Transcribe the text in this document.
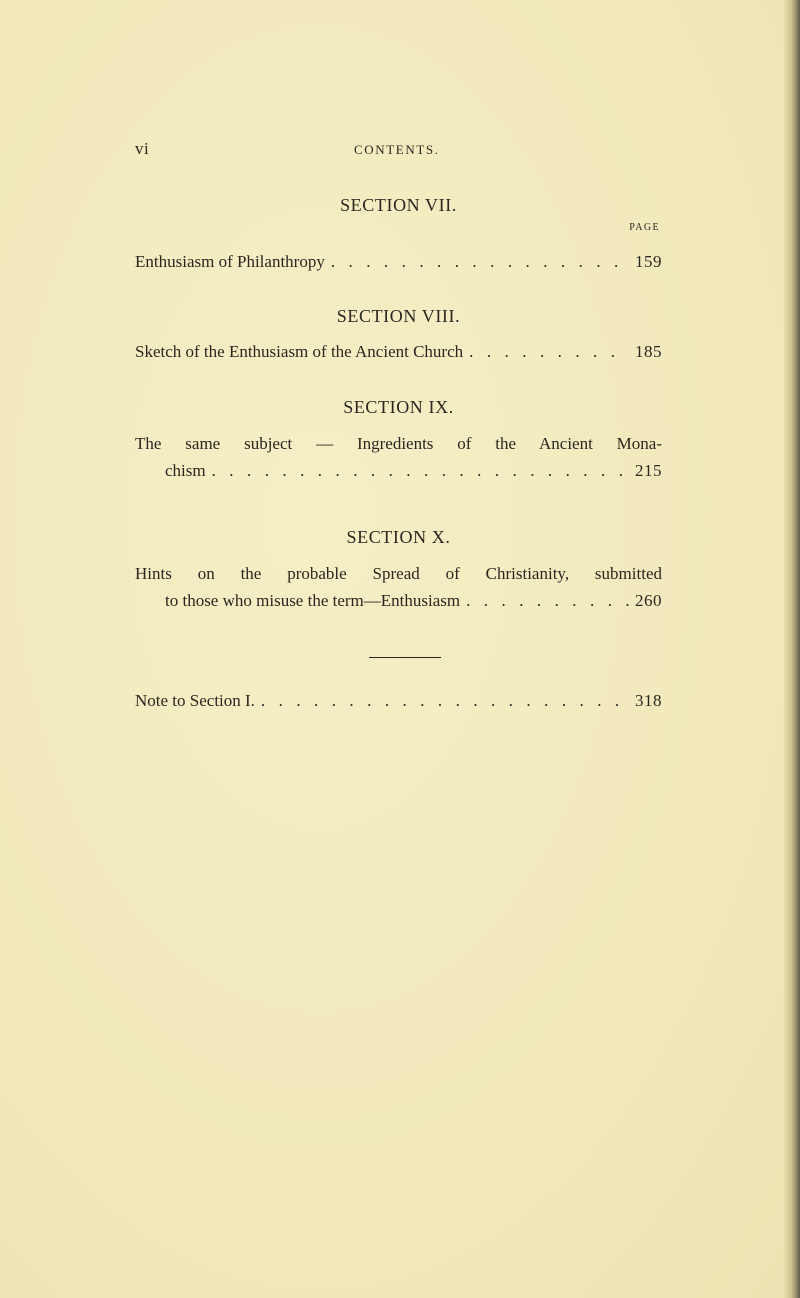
vi	CONTENTS.
SECTION VII.
PAGE
Enthusiasm of Philanthropy . . .	159
SECTION VIII.
Sketch of the Enthusiasm of the Ancient Church . . .	185
SECTION IX.
The same subject — Ingredients of the Ancient Mona-
chism . . .	215
SECTION X.
Hints on the probable Spread of Christianity, submitted
to those who misuse the term—Enthusiasm . . .	260
Note to Section I. . . .	318
